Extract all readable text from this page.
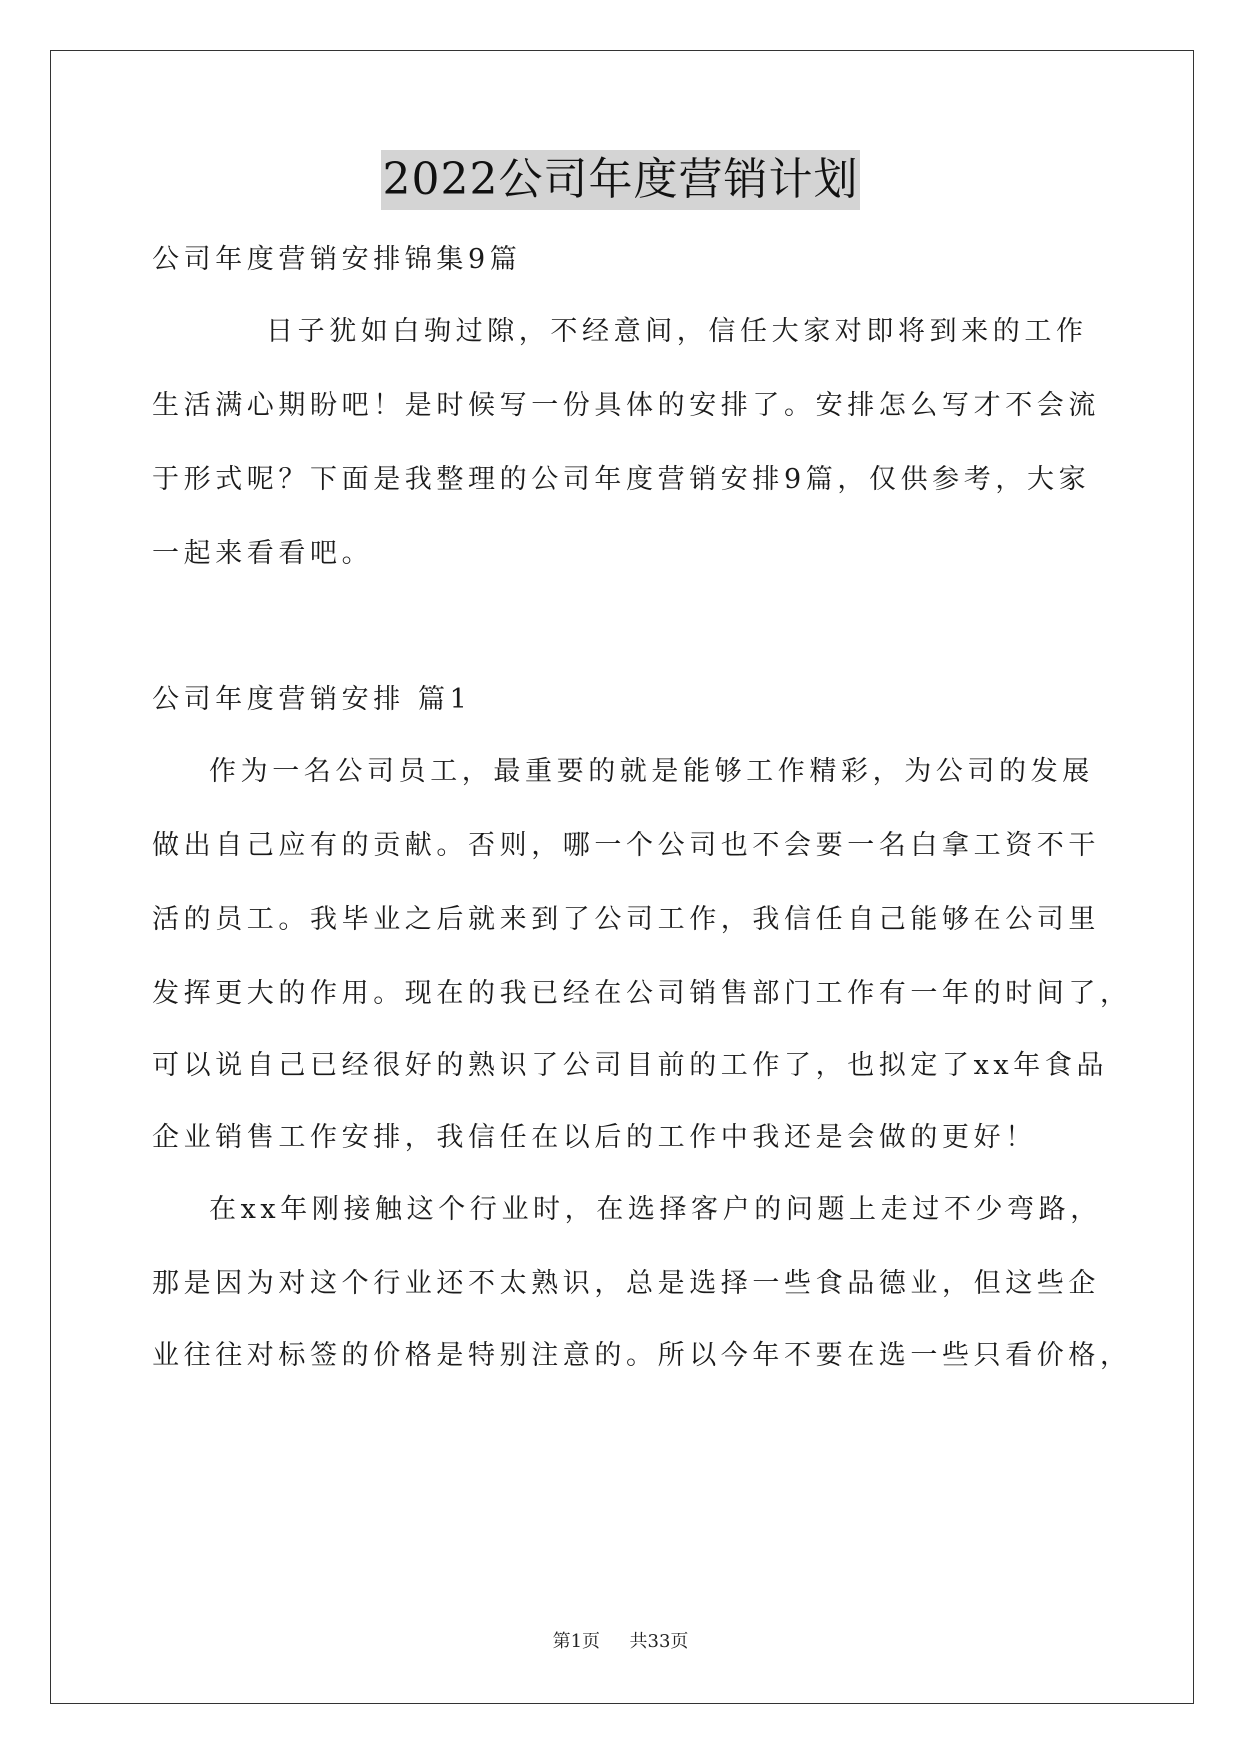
2022公司年度营销计划
公司年度营销安排锦集9篇
日子犹如白驹过隙，不经意间，信任大家对即将到来的工作
生活满心期盼吧！是时候写一份具体的安排了。安排怎么写才不会流
于形式呢？下面是我整理的公司年度营销安排9篇，仅供参考，大家
一起来看看吧。
公司年度营销安排 篇1
作为一名公司员工，最重要的就是能够工作精彩，为公司的发展
做出自己应有的贡献。否则，哪一个公司也不会要一名白拿工资不干
活的员工。我毕业之后就来到了公司工作，我信任自己能够在公司里
发挥更大的作用。现在的我已经在公司销售部门工作有一年的时间了，
可以说自己已经很好的熟识了公司目前的工作了，也拟定了xx年食品
企业销售工作安排，我信任在以后的工作中我还是会做的更好！
在xx年刚接触这个行业时，在选择客户的问题上走过不少弯路，
那是因为对这个行业还不太熟识，总是选择一些食品德业，但这些企
业往往对标签的价格是特别注意的。所以今年不要在选一些只看价格，
第1页 共33页
